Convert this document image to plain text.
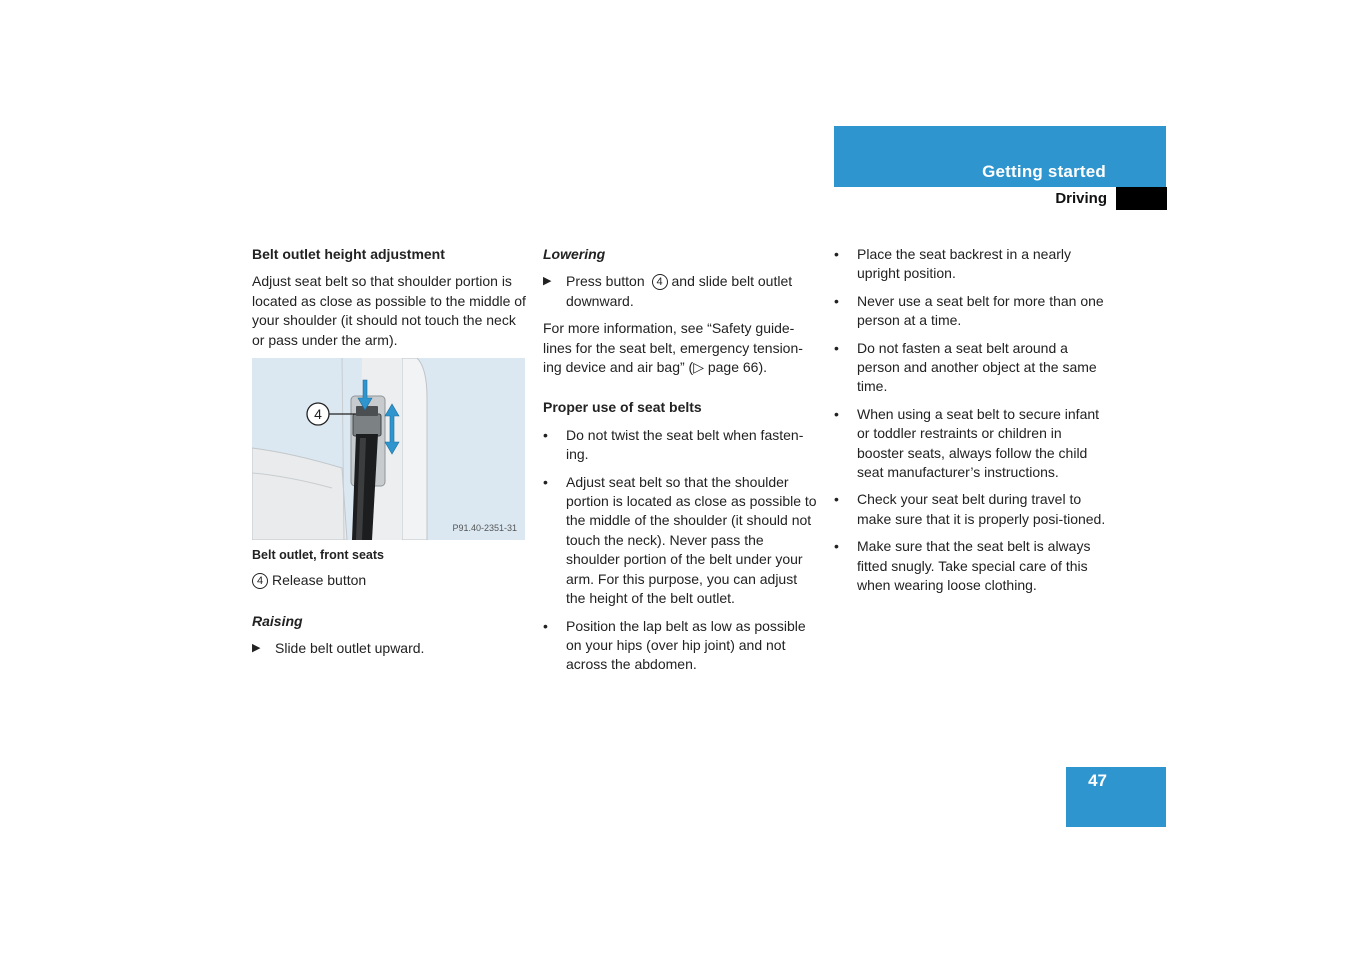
Getting started
Driving
Belt outlet height adjustment

Adjust seat belt so that shoulder portion is located as close as possible to the middle of your shoulder (it should not touch the neck or pass under the arm).

4
P91.40-2351-31
Belt outlet, front seats

4 Release button

Raising
▶ Slide belt outlet upward.
Lowering
▶ Press button 4 and slide belt outlet downward.

For more information, see “Safety guide-lines for the seat belt, emergency tension-ing device and air bag” (▷ page 66).

Proper use of seat belts
• Do not twist the seat belt when fasten-ing.
• Adjust seat belt so that the shoulder portion is located as close as possible to the middle of the shoulder (it should not touch the neck). Never pass the shoulder portion of the belt under your arm. For this purpose, you can adjust the height of the belt outlet.
• Position the lap belt as low as possible on your hips (over hip joint) and not across the abdomen.
• Place the seat backrest in a nearly upright position.
• Never use a seat belt for more than one person at a time.
• Do not fasten a seat belt around a person and another object at the same time.
• When using a seat belt to secure infant or toddler restraints or children in booster seats, always follow the child seat manufacturer’s instructions.
• Check your seat belt during travel to make sure that it is properly posi-tioned.
• Make sure that the seat belt is always fitted snugly. Take special care of this when wearing loose clothing.
47
